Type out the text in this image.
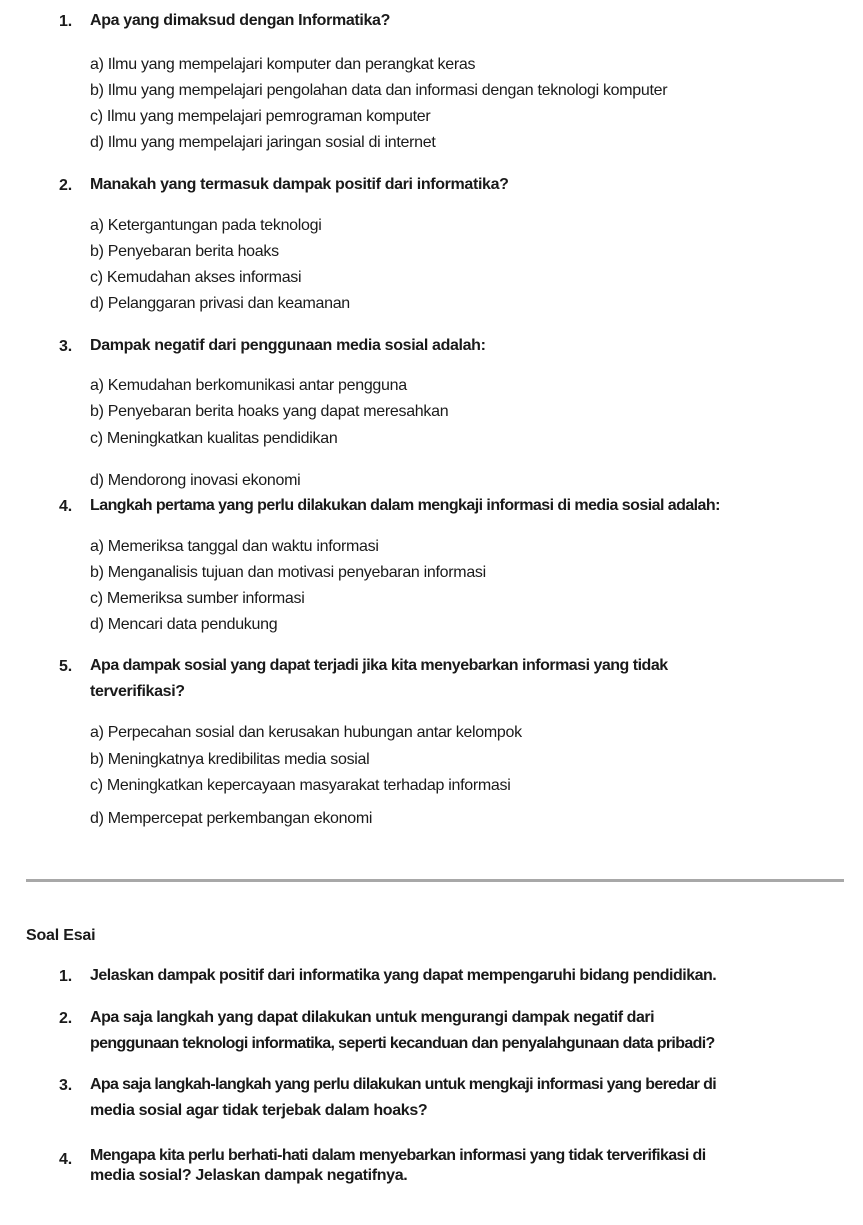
1. Apa yang dimaksud dengan Informatika?
a) Ilmu yang mempelajari komputer dan perangkat keras
b) Ilmu yang mempelajari pengolahan data dan informasi dengan teknologi komputer
c) Ilmu yang mempelajari pemrograman komputer
d) Ilmu yang mempelajari jaringan sosial di internet
2. Manakah yang termasuk dampak positif dari informatika?
a) Ketergantungan pada teknologi
b) Penyebaran berita hoaks
c) Kemudahan akses informasi
d) Pelanggaran privasi dan keamanan
3. Dampak negatif dari penggunaan media sosial adalah:
a) Kemudahan berkomunikasi antar pengguna
b) Penyebaran berita hoaks yang dapat meresahkan
c) Meningkatkan kualitas pendidikan
d) Mendorong inovasi ekonomi
4. Langkah pertama yang perlu dilakukan dalam mengkaji informasi di media sosial adalah:
a) Memeriksa tanggal dan waktu informasi
b) Menganalisis tujuan dan motivasi penyebaran informasi
c) Memeriksa sumber informasi
d) Mencari data pendukung
5. Apa dampak sosial yang dapat terjadi jika kita menyebarkan informasi yang tidak
terverifikasi?
a) Perpecahan sosial dan kerusakan hubungan antar kelompok
b) Meningkatnya kredibilitas media sosial
c) Meningkatkan kepercayaan masyarakat terhadap informasi
d) Mempercepat perkembangan ekonomi
Soal Esai
1. Jelaskan dampak positif dari informatika yang dapat mempengaruhi bidang pendidikan.
2. Apa saja langkah yang dapat dilakukan untuk mengurangi dampak negatif dari
penggunaan teknologi informatika, seperti kecanduan dan penyalahgunaan data pribadi?
3. Apa saja langkah-langkah yang perlu dilakukan untuk mengkaji informasi yang beredar di
media sosial agar tidak terjebak dalam hoaks?
4. Mengapa kita perlu berhati-hati dalam menyebarkan informasi yang tidak terverifikasi di
media sosial? Jelaskan dampak negatifnya.
